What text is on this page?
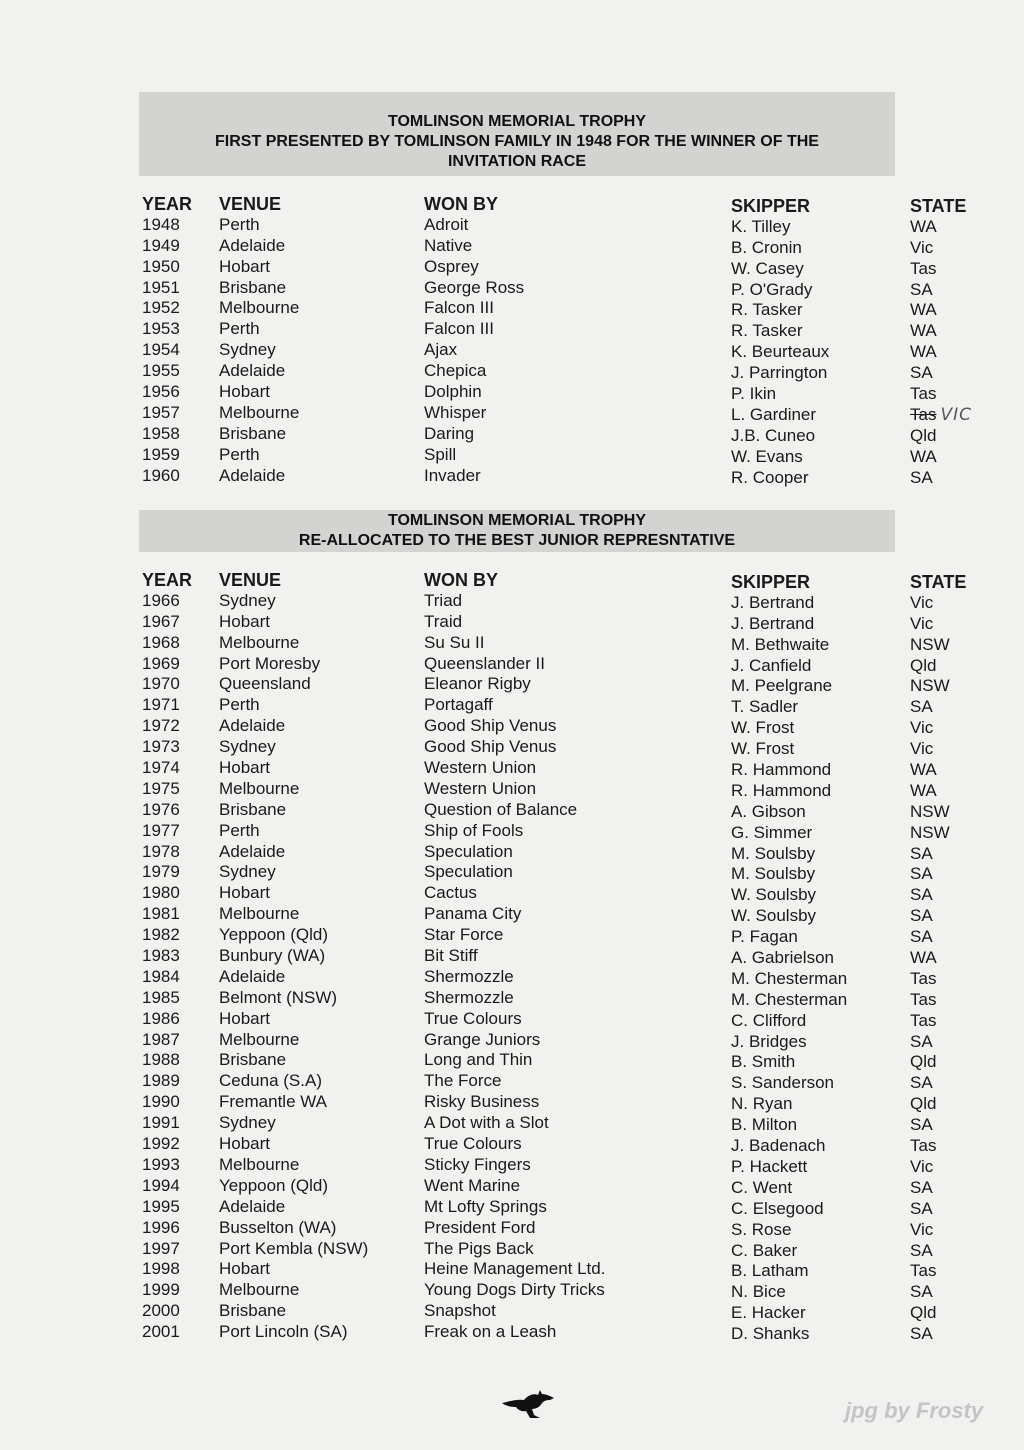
TOMLINSON MEMORIAL TROPHY
FIRST PRESENTED BY TOMLINSON FAMILY IN 1948 FOR THE WINNER OF THE
INVITATION RACE
YEAR VENUE	WON BY	SKIPPER	STATE
1948 Perth	Adroit	K. Tilley	WA
1949 Adelaide	Native	B. Cronin	Vic
1950 Hobart	Osprey	W. Casey	Tas
1951 Brisbane	George Ross	P. O'Grady	SA
1952 Melbourne	Falcon III	R. Tasker	WA
1953 Perth	Falcon III	R. Tasker	WA
1954 Sydney	Ajax	K. Beurteaux	WA
1955 Adelaide	Chepica	J. Parrington	SA
1956 Hobart	Dolphin	P. Ikin	Tas
1957 Melbourne	Whisper	L. Gardiner	Tas VIC
1958 Brisbane	Daring	J.B. Cuneo	Qld
1959 Perth	Spill	W. Evans	WA
1960 Adelaide	Invader	R. Cooper	SA
TOMLINSON MEMORIAL TROPHY
RE-ALLOCATED TO THE BEST JUNIOR REPRESNTATIVE
YEAR VENUE	WON BY	SKIPPER	STATE
1966 Sydney	Triad	J. Bertrand	Vic
1967 Hobart	Traid	J. Bertrand	Vic
1968 Melbourne	Su Su II	M. Bethwaite	NSW
1969 Port Moresby	Queenslander II	J. Canfield	Qld
1970 Queensland	Eleanor Rigby	M. Peelgrane	NSW
1971 Perth	Portagaff	T. Sadler	SA
1972 Adelaide	Good Ship Venus	W. Frost	Vic
1973 Sydney	Good Ship Venus	W. Frost	Vic
1974 Hobart	Western Union	R. Hammond	WA
1975 Melbourne	Western Union	R. Hammond	WA
1976 Brisbane	Question of Balance	A. Gibson	NSW
1977 Perth	Ship of Fools	G. Simmer	NSW
1978 Adelaide	Speculation	M. Soulsby	SA
1979 Sydney	Speculation	M. Soulsby	SA
1980 Hobart	Cactus	W. Soulsby	SA
1981 Melbourne	Panama City	W. Soulsby	SA
1982 Yeppoon (Qld)	Star Force	P. Fagan	SA
1983 Bunbury (WA)	Bit Stiff	A. Gabrielson	WA
1984 Adelaide	Shermozzle	M. Chesterman	Tas
1985 Belmont (NSW)	Shermozzle	M. Chesterman	Tas
1986 Hobart	True Colours	C. Clifford	Tas
1987 Melbourne	Grange Juniors	J. Bridges	SA
1988 Brisbane	Long and Thin	B. Smith	Qld
1989 Ceduna (S.A)	The Force	S. Sanderson	SA
1990 Fremantle WA	Risky Business	N. Ryan	Qld
1991 Sydney	A Dot with a Slot	B. Milton	SA
1992 Hobart	True Colours	J. Badenach	Tas
1993 Melbourne	Sticky Fingers	P. Hackett	Vic
1994 Yeppoon (Qld)	Went Marine	C. Went	SA
1995 Adelaide	Mt Lofty Springs	C. Elsegood	SA
1996 Busselton (WA)	President Ford	S. Rose	Vic
1997 Port Kembla (NSW)	The Pigs Back	C. Baker	SA
1998 Hobart	Heine Management Ltd.	B. Latham	Tas
1999 Melbourne	Young Dogs Dirty Tricks	N. Bice	SA
2000 Brisbane	Snapshot	E. Hacker	Qld
2001 Port Lincoln (SA)	Freak on a Leash	D. Shanks	SA
jpg by Frosty
